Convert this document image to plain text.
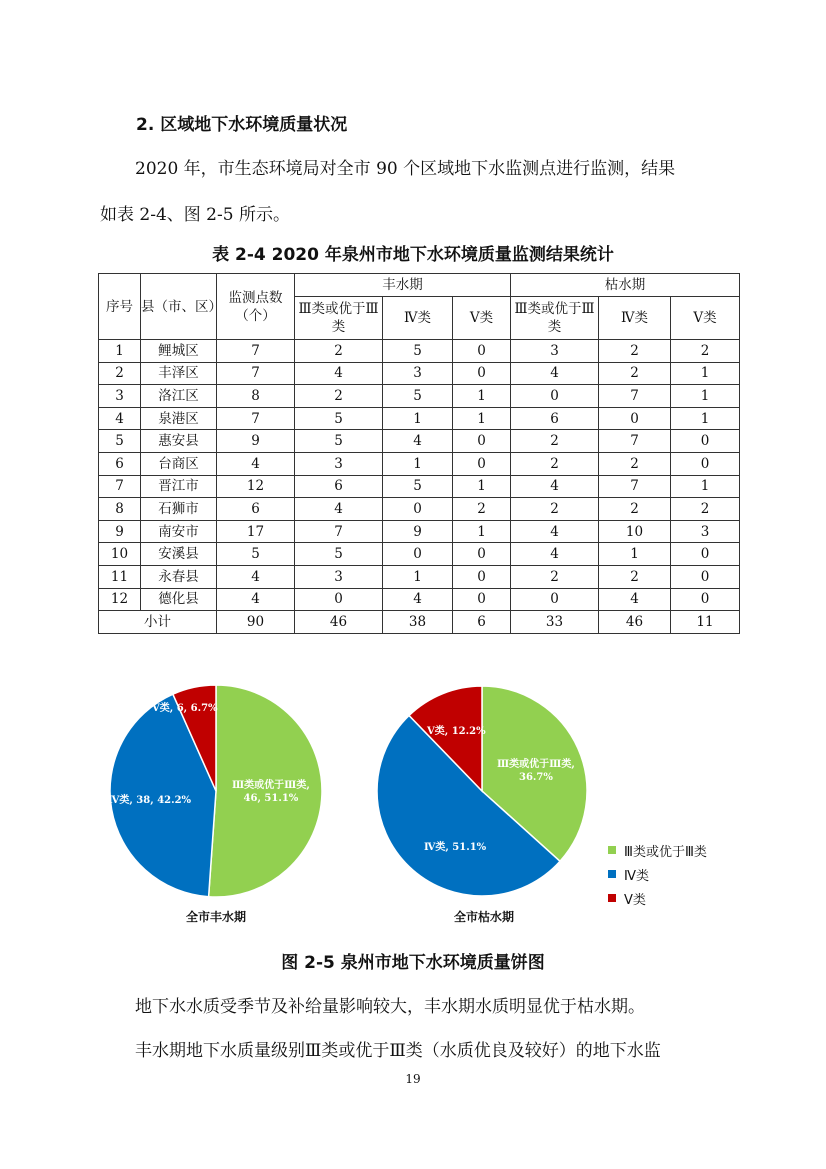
2. 区域地下水环境质量状况
2020 年，市生态环境局对全市 90 个区域地下水监测点进行监测，结果
如表 2-4、图 2-5 所示。
表 2-4 2020 年泉州市地下水环境质量监测结果统计
序号	县（市、区）	监测点数（个）	丰水期			枯水期		
			Ⅲ类或优于Ⅲ类	Ⅳ类	Ⅴ类	Ⅲ类或优于Ⅲ类	Ⅳ类	Ⅴ类
1	鲤城区	7	2	5	0	3	2	2
2	丰泽区	7	4	3	0	4	2	1
3	洛江区	8	2	5	1	0	7	1
4	泉港区	7	5	1	1	6	0	1
5	惠安县	9	5	4	0	2	7	0
6	台商区	4	3	1	0	2	2	0
7	晋江市	12	6	5	1	4	7	1
8	石狮市	6	4	0	2	2	2	2
9	南安市	17	7	9	1	4	10	3
10	安溪县	5	5	0	0	4	1	0
11	永春县	4	3	1	0	2	2	0
12	德化县	4	0	4	0	0	4	0
小计		90	46	38	6	33	46	11
Ⅴ类, 6, 6.7%
Ⅳ类, 38, 42.2%
Ⅲ类或优于Ⅲ类,
46, 51.1%
Ⅴ类, 12.2%
Ⅳ类, 51.1%
Ⅲ类或优于Ⅲ类,
36.7%
全市丰水期	全市枯水期
Ⅲ类或优于Ⅲ类
Ⅳ类
Ⅴ类
图 2-5 泉州市地下水环境质量饼图
地下水水质受季节及补给量影响较大，丰水期水质明显优于枯水期。
丰水期地下水质量级别Ⅲ类或优于Ⅲ类（水质优良及较好）的地下水监
19
